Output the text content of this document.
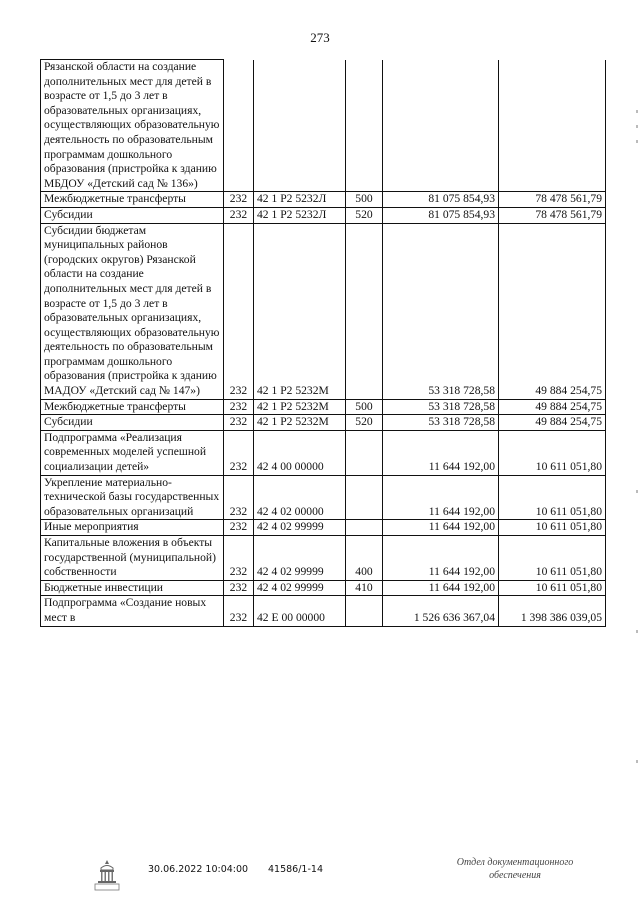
273
Рязанской области на создание дополнительных мест для детей в возрасте от 1,5 до 3 лет в образовательных организациях, осуществляющих образовательную деятельность по образовательным программам дошкольного образования (пристройка к зданию МБДОУ «Детский сад № 136»)					
Межбюджетные трансферты	232	42 1 P2 5232Л	500	81 075 854,93	78 478 561,79
Субсидии	232	42 1 P2 5232Л	520	81 075 854,93	78 478 561,79
Субсидии бюджетам муниципальных районов (городских округов) Рязанской области на создание дополнительных мест для детей в возрасте от 1,5 до 3 лет в образовательных организациях, осуществляющих образовательную деятельность по образовательным программам дошкольного образования (пристройка к зданию МАДОУ «Детский сад № 147»)	232	42 1 P2 5232M		53 318 728,58	49 884 254,75
Межбюджетные трансферты	232	42 1 P2 5232M	500	53 318 728,58	49 884 254,75
Субсидии	232	42 1 P2 5232M	520	53 318 728,58	49 884 254,75
Подпрограмма «Реализация современных моделей успешной социализации детей»	232	42 4 00 00000		11 644 192,00	10 611 051,80
Укрепление материально-технической базы государственных образовательных организаций	232	42 4 02 00000		11 644 192,00	10 611 051,80
Иные мероприятия	232	42 4 02 99999		11 644 192,00	10 611 051,80
Капитальные вложения в объекты государственной (муниципальной) собственности	232	42 4 02 99999	400	11 644 192,00	10 611 051,80
Бюджетные инвестиции	232	42 4 02 99999	410	11 644 192,00	10 611 051,80
Подпрограмма «Создание новых мест в	232	42 E 00 00000		1 526 636 367,04	1 398 386 039,05
30.06.2022 10:04:00 41586/1-14
Отдел документационного
обеспечения
